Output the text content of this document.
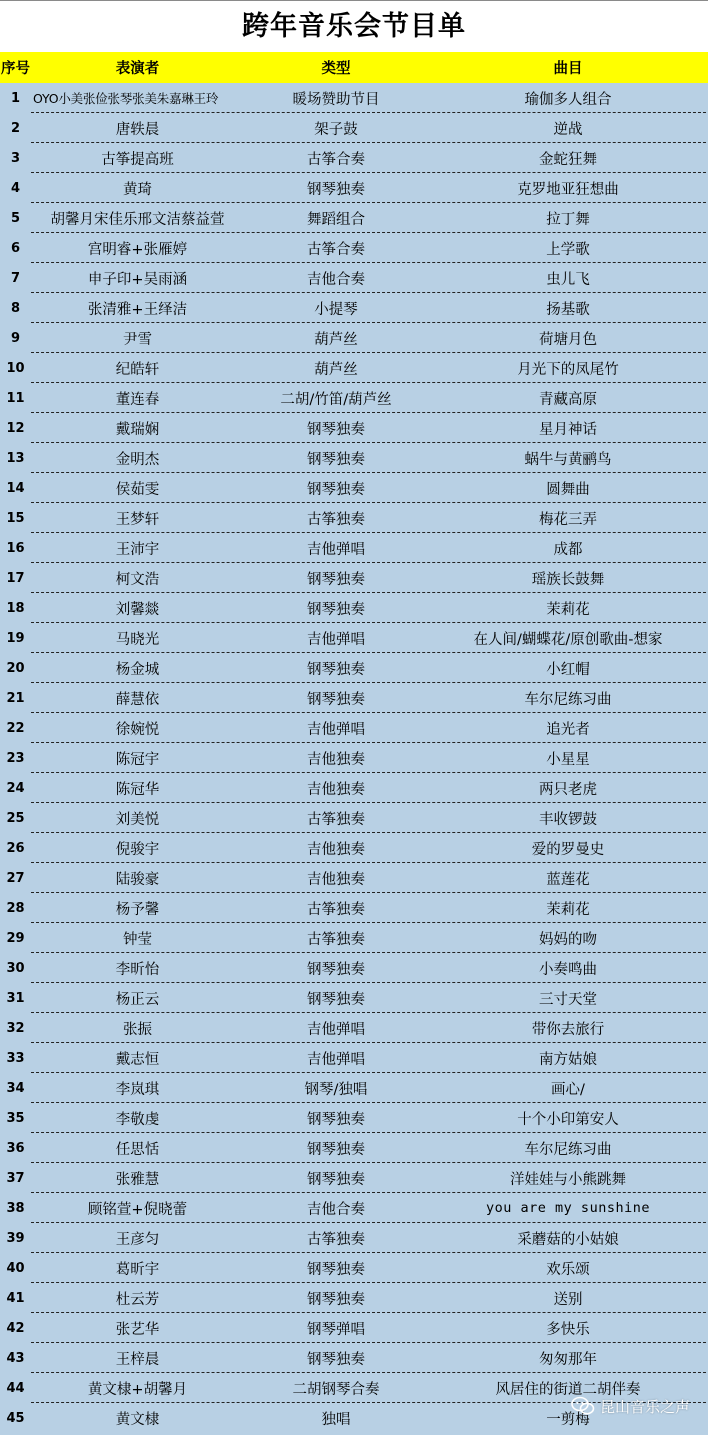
跨年音乐会节目单
序号	表演者	类型	曲目
1	OYO小美张俭张琴张美朱嘉琳王玲	暖场赞助节目	瑜伽多人组合
2	唐轶晨	架子鼓	逆战
3	古筝提高班	古筝合奏	金蛇狂舞
4	黄琦	钢琴独奏	克罗地亚狂想曲
5	胡馨月宋佳乐邢文洁蔡益萱	舞蹈组合	拉丁舞
6	宫明睿+张雁婷	古筝合奏	上学歌
7	申子印+吴雨涵	吉他合奏	虫儿飞
8	张清雅+王绎洁	小提琴	扬基歌
9	尹雪	葫芦丝	荷塘月色
10	纪皓轩	葫芦丝	月光下的凤尾竹
11	董连春	二胡/竹笛/葫芦丝	青藏高原
12	戴瑞娴	钢琴独奏	星月神话
13	金明杰	钢琴独奏	蜗牛与黄鹂鸟
14	侯茹雯	钢琴独奏	圆舞曲
15	王梦轩	古筝独奏	梅花三弄
16	王沛宇	吉他弹唱	成都
17	柯文浩	钢琴独奏	瑶族长鼓舞
18	刘馨燚	钢琴独奏	茉莉花
19	马晓光	吉他弹唱	在人间/蝴蝶花/原创歌曲-想家
20	杨金城	钢琴独奏	小红帽
21	薛慧依	钢琴独奏	车尔尼练习曲
22	徐婉悦	吉他弹唱	追光者
23	陈冠宇	吉他独奏	小星星
24	陈冠华	吉他独奏	两只老虎
25	刘美悦	古筝独奏	丰收锣鼓
26	倪骏宇	吉他独奏	爱的罗曼史
27	陆骏豪	吉他独奏	蓝莲花
28	杨予馨	古筝独奏	茉莉花
29	钟莹	古筝独奏	妈妈的吻
30	李昕怡	钢琴独奏	小奏鸣曲
31	杨正云	钢琴独奏	三寸天堂
32	张振	吉他弹唱	带你去旅行
33	戴志恒	吉他弹唱	南方姑娘
34	李岚琪	钢琴/独唱	画心/
35	李敬虔	钢琴独奏	十个小印第安人
36	任思恬	钢琴独奏	车尔尼练习曲
37	张雅慧	钢琴独奏	洋娃娃与小熊跳舞
38	顾铭萱+倪晓蕾	吉他合奏	you are my sunshine
39	王彦匀	古筝独奏	采蘑菇的小姑娘
40	葛昕宇	钢琴独奏	欢乐颂
41	杜云芳	钢琴独奏	送别
42	张艺华	钢琴弹唱	多快乐
43	王梓晨	钢琴独奏	匆匆那年
44	黄文棣+胡馨月	二胡钢琴合奏	风居住的街道二胡伴奏
45	黄文棣	独唱	一剪梅
昆山音乐之声
